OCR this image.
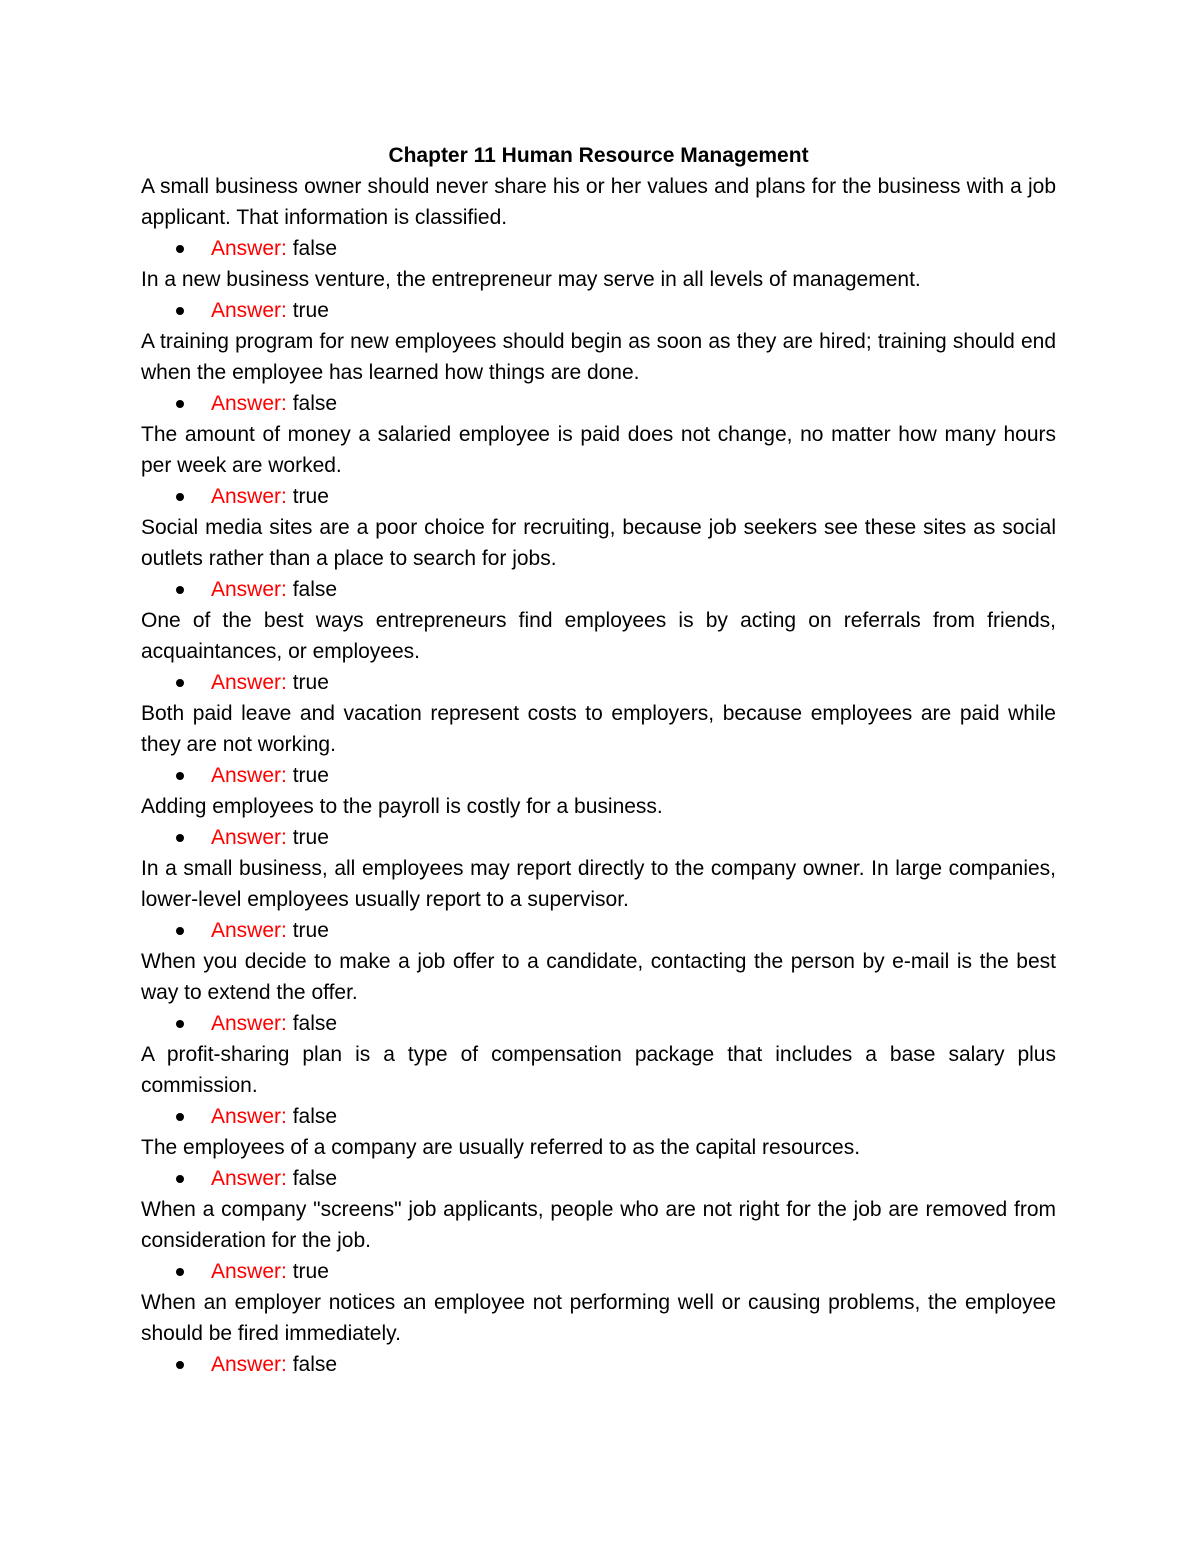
Chapter 11 Human Resource Management

A small business owner should never share his or her values and plans for the business with a job applicant. That information is classified.

Answer: false

In a new business venture, the entrepreneur may serve in all levels of management.

Answer: true

A training program for new employees should begin as soon as they are hired; training should end when the employee has learned how things are done.

Answer: false

The amount of money a salaried employee is paid does not change, no matter how many hours per week are worked.

Answer: true

Social media sites are a poor choice for recruiting, because job seekers see these sites as social outlets rather than a place to search for jobs.

Answer: false

One of the best ways entrepreneurs find employees is by acting on referrals from friends, acquaintances, or employees.

Answer: true

Both paid leave and vacation represent costs to employers, because employees are paid while they are not working.

Answer: true

Adding employees to the payroll is costly for a business.

Answer: true

In a small business, all employees may report directly to the company owner. In large companies, lower-level employees usually report to a supervisor.

Answer: true

When you decide to make a job offer to a candidate, contacting the person by e-mail is the best way to extend the offer.

Answer: false

A profit-sharing plan is a type of compensation package that includes a base salary plus commission.

Answer: false

The employees of a company are usually referred to as the capital resources.

Answer: false

When a company "screens" job applicants, people who are not right for the job are removed from consideration for the job.

Answer: true

When an employer notices an employee not performing well or causing problems, the employee should be fired immediately.

Answer: false
